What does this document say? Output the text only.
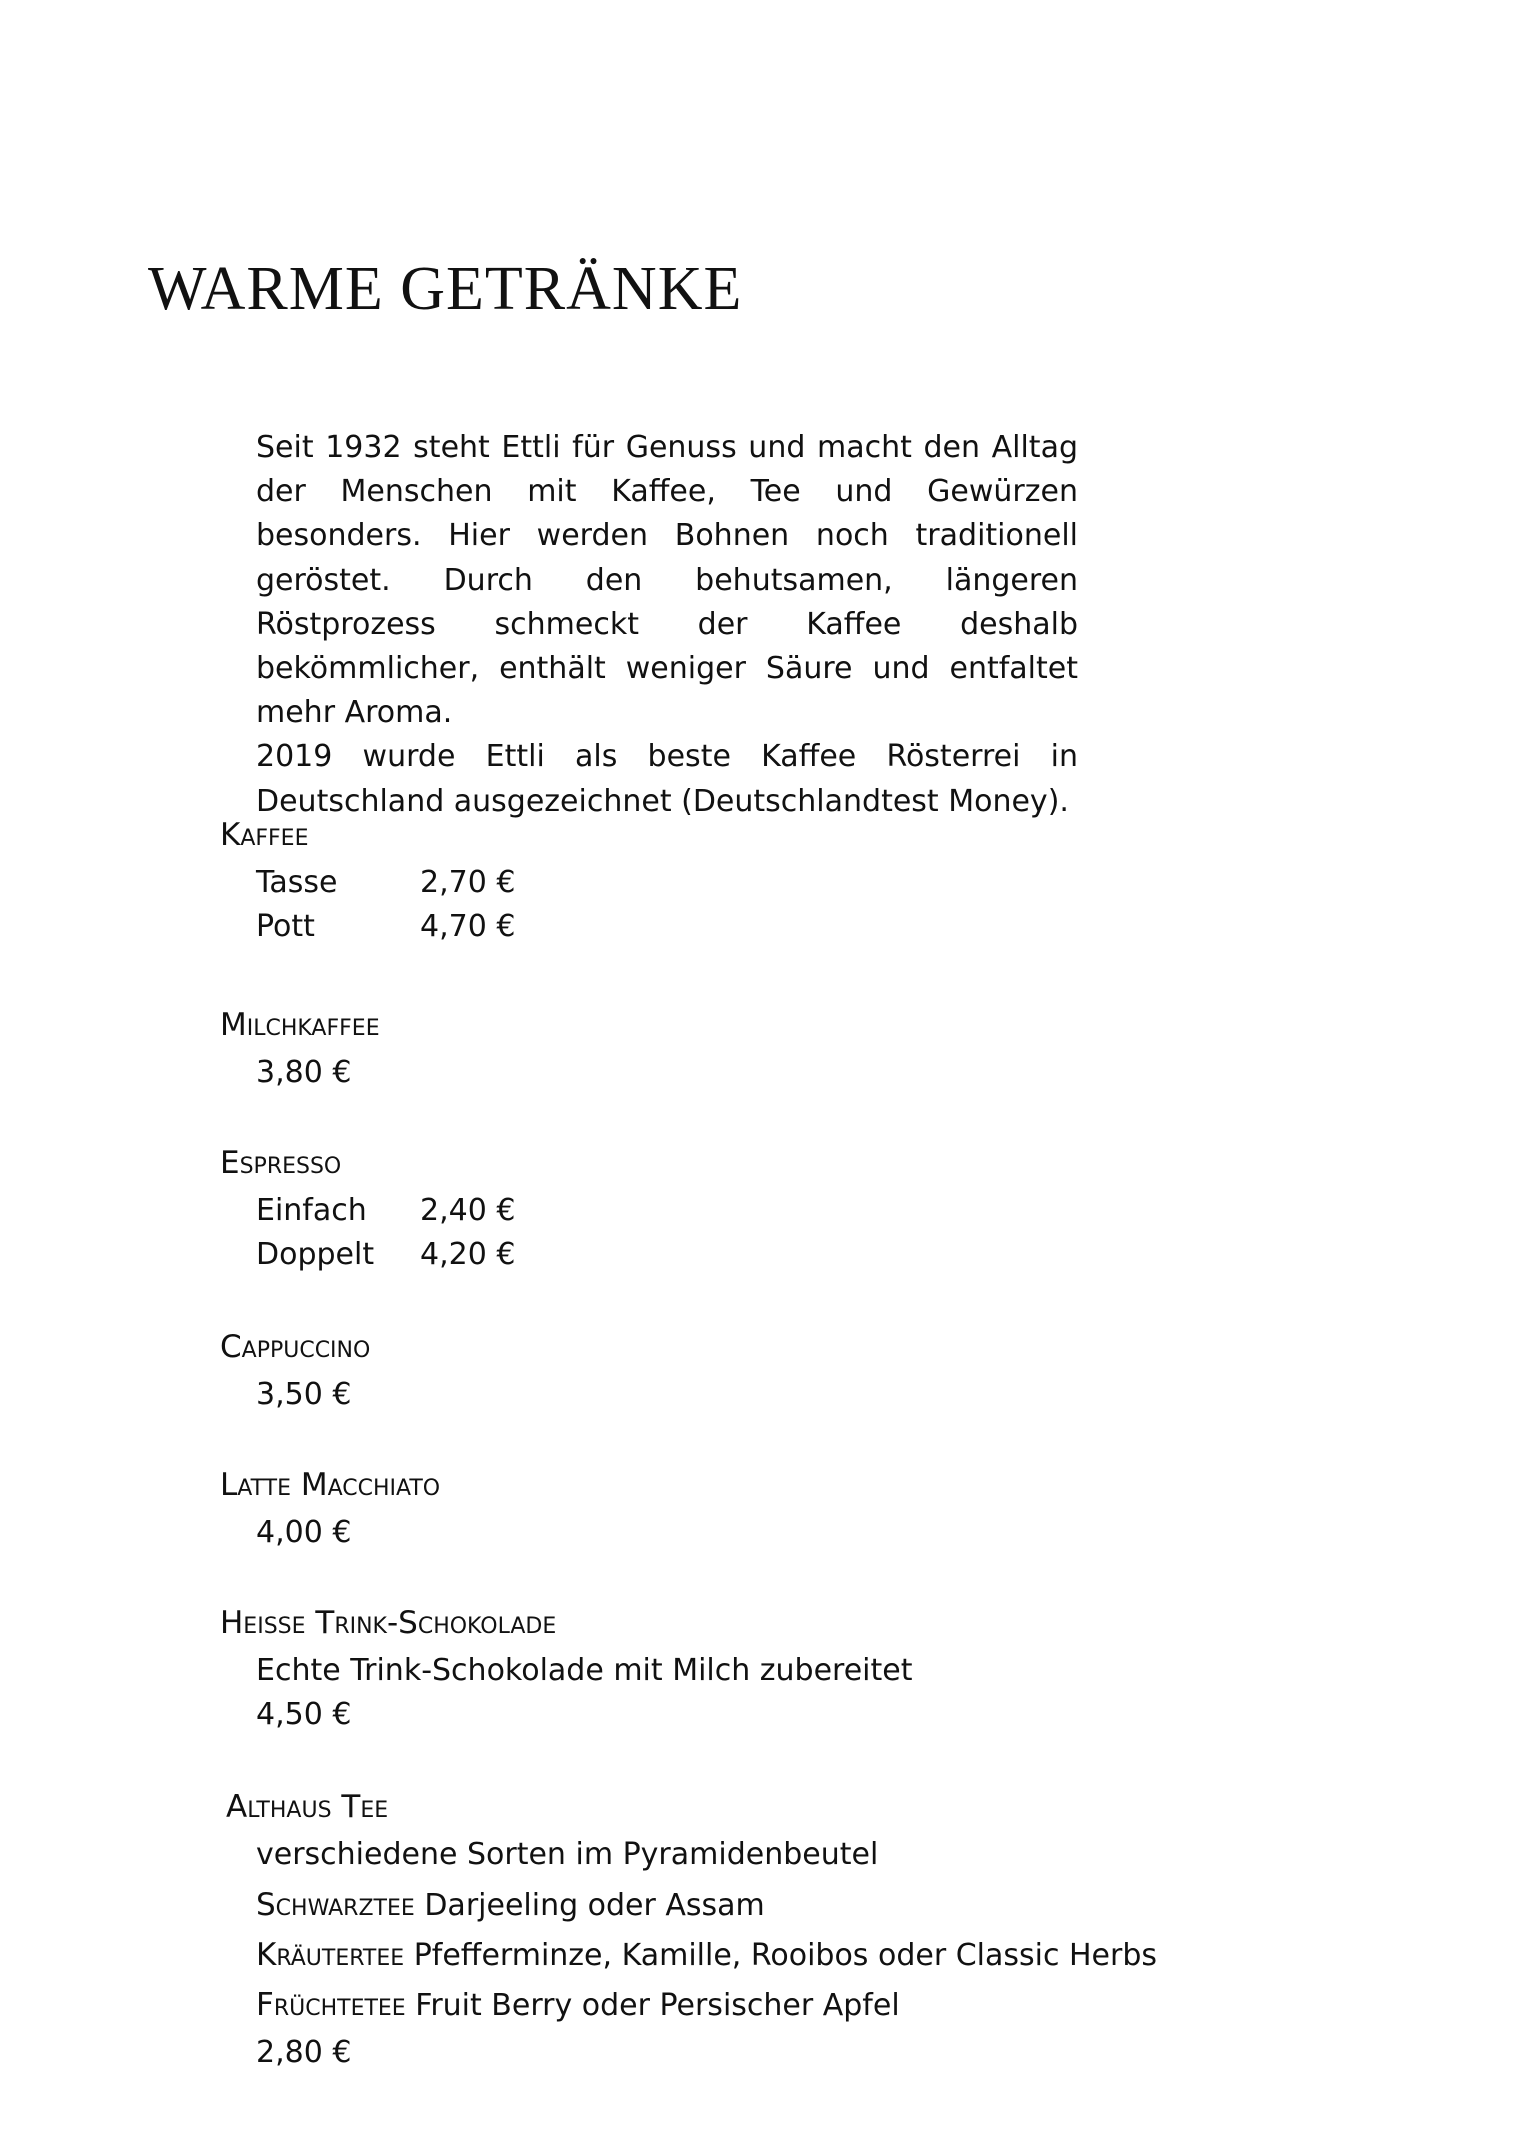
WARME GETRÄNKE

Seit 1932 steht Ettli für Genuss und macht den Alltag der Menschen mit Kaffee, Tee und Gewürzen besonders. Hier werden Bohnen noch traditionell geröstet. Durch den behutsamen, längeren Röstprozess schmeckt der Kaffee deshalb bekömmlicher, enthält weniger Säure und entfaltet mehr Aroma.

2019 wurde Ettli als beste Kaffee Rösterrei in Deutschland ausgezeichnet (Deutschlandtest Money).

Kaffee
Tasse	2,70 €
Pott	4,70 €
Milchkaffee
3,80 €
Espresso
Einfach 2,40 €
Doppelt 4,20 €
Cappuccino
3,50 €
Latte Macchiato
4,00 €
Heiße Trink-Schokolade
Echte Trink-Schokolade mit Milch zubereitet
4,50 €
Althaus Tee
verschiedene Sorten im Pyramidenbeutel
Schwarztee Darjeeling oder Assam
Kräutertee Pfefferminze, Kamille, Rooibos oder Classic Herbs
Früchtetee Fruit Berry oder Persischer Apfel
2,80 €
